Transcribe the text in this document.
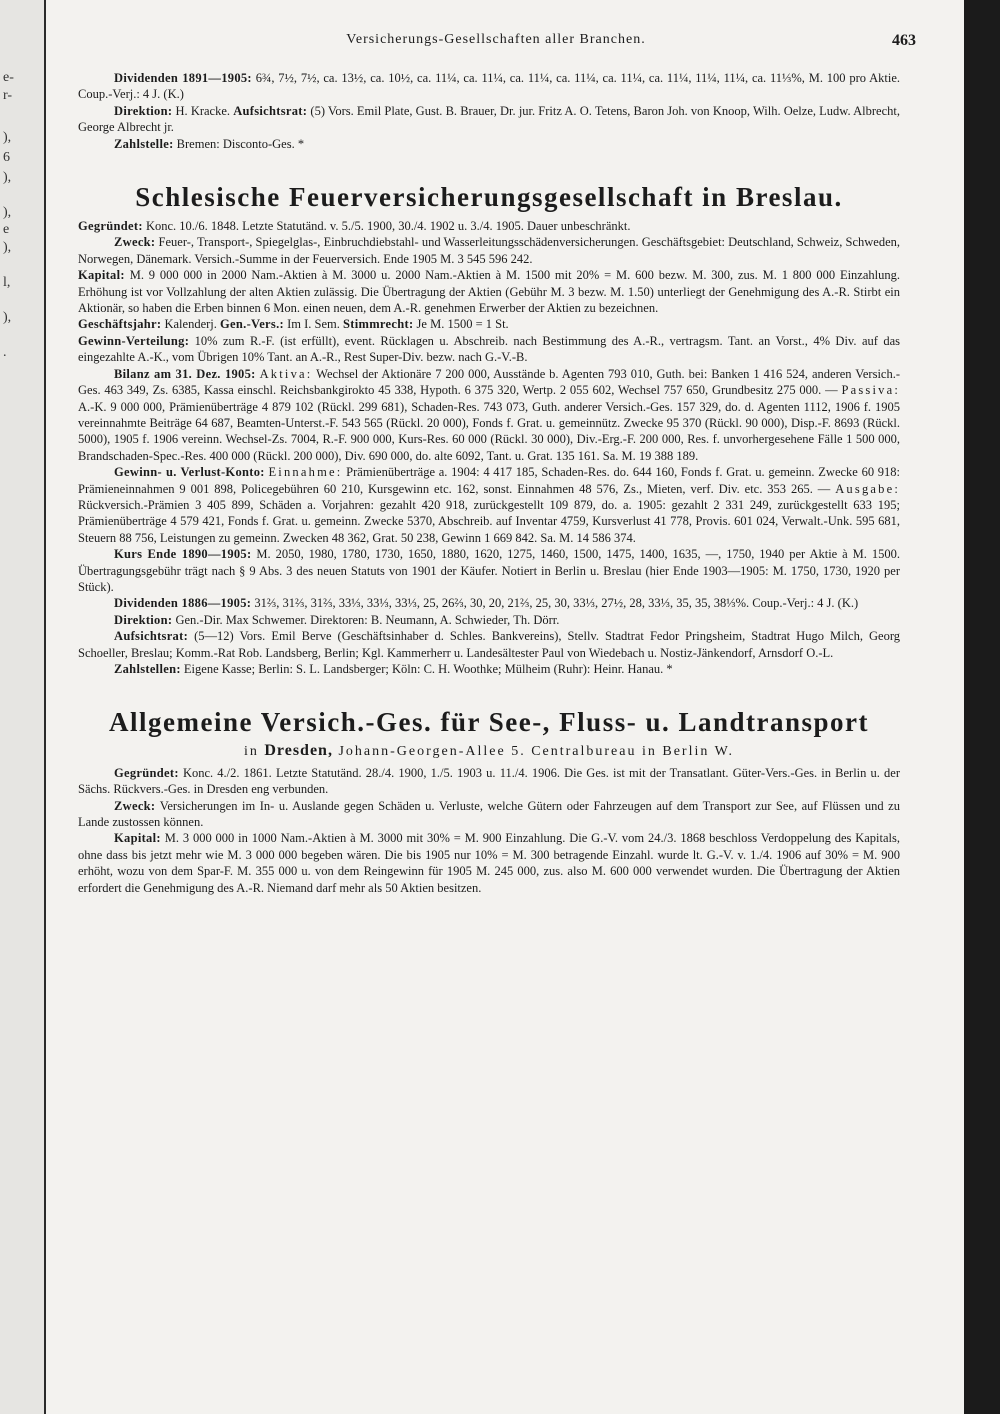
e-
r-
),
6
),
),
e
),
l,
),
.
Versicherungs-Gesellschaften aller Branchen.	463

Dividenden 1891—1905: 6¾, 7½, 7½, ca. 13½, ca. 10½, ca. 11¼, ca. 11¼, ca. 11¼, ca. 11¼, ca. 11¼, ca. 11¼, 11¼, 11¼, ca. 11⅓%, M. 100 pro Aktie. Coup.-Verj.: 4 J. (K.)

Direktion: H. Kracke. Aufsichtsrat: (5) Vors. Emil Plate, Gust. B. Brauer, Dr. jur. Fritz A. O. Tetens, Baron Joh. von Knoop, Wilh. Oelze, Ludw. Albrecht, George Albrecht jr.

Zahlstelle: Bremen: Disconto-Ges. *

Schlesische Feuerversicherungsgesellschaft in Breslau.

Gegründet: Konc. 10./6. 1848. Letzte Statutänd. v. 5./5. 1900, 30./4. 1902 u. 3./4. 1905. Dauer unbeschränkt.

Zweck: Feuer-, Transport-, Spiegelglas-, Einbruchdiebstahl- und Wasserleitungsschädenversicherungen. Geschäftsgebiet: Deutschland, Schweiz, Schweden, Norwegen, Dänemark. Versich.-Summe in der Feuerversich. Ende 1905 M. 3 545 596 242.

Kapital: M. 9 000 000 in 2000 Nam.-Aktien à M. 3000 u. 2000 Nam.-Aktien à M. 1500 mit 20% = M. 600 bezw. M. 300, zus. M. 1 800 000 Einzahlung. Erhöhung ist vor Vollzahlung der alten Aktien zulässig. Die Übertragung der Aktien (Gebühr M. 3 bezw. M. 1.50) unterliegt der Genehmigung des A.-R. Stirbt ein Aktionär, so haben die Erben binnen 6 Mon. einen neuen, dem A.-R. genehmen Erwerber der Aktien zu bezeichnen.

Geschäftsjahr: Kalenderj. Gen.-Vers.: Im I. Sem. Stimmrecht: Je M. 1500 = 1 St.

Gewinn-Verteilung: 10% zum R.-F. (ist erfüllt), event. Rücklagen u. Abschreib. nach Bestimmung des A.-R., vertragsm. Tant. an Vorst., 4% Div. auf das eingezahlte A.-K., vom Übrigen 10% Tant. an A.-R., Rest Super-Div. bezw. nach G.-V.-B.

Bilanz am 31. Dez. 1905: Aktiva: Wechsel der Aktionäre 7 200 000, Ausstände b. Agenten 793 010, Guth. bei: Banken 1 416 524, anderen Versich.-Ges. 463 349, Zs. 6385, Kassa einschl. Reichsbankgirokto 45 338, Hypoth. 6 375 320, Wertp. 2 055 602, Wechsel 757 650, Grundbesitz 275 000. — Passiva: A.-K. 9 000 000, Prämienüberträge 4 879 102 (Rückl. 299 681), Schaden-Res. 743 073, Guth. anderer Versich.-Ges. 157 329, do. d. Agenten 1112, 1906 f. 1905 vereinnahmte Beiträge 64 687, Beamten-Unterst.-F. 543 565 (Rückl. 20 000), Fonds f. Grat. u. gemeinnütz. Zwecke 95 370 (Rückl. 90 000), Disp.-F. 8693 (Rückl. 5000), 1905 f. 1906 vereinn. Wechsel-Zs. 7004, R.-F. 900 000, Kurs-Res. 60 000 (Rückl. 30 000), Div.-Erg.-F. 200 000, Res. f. unvorhergesehene Fälle 1 500 000, Brandschaden-Spec.-Res. 400 000 (Rückl. 200 000), Div. 690 000, do. alte 6092, Tant. u. Grat. 135 161. Sa. M. 19 388 189.

Gewinn- u. Verlust-Konto: Einnahme: Prämienüberträge a. 1904: 4 417 185, Schaden-Res. do. 644 160, Fonds f. Grat. u. gemeinn. Zwecke 60 918: Prämieneinnahmen 9 001 898, Policegebühren 60 210, Kursgewinn etc. 162, sonst. Einnahmen 48 576, Zs., Mieten, verf. Div. etc. 353 265. — Ausgabe: Rückversich.-Prämien 3 405 899, Schäden a. Vorjahren: gezahlt 420 918, zurückgestellt 109 879, do. a. 1905: gezahlt 2 331 249, zurückgestellt 633 195; Prämienüberträge 4 579 421, Fonds f. Grat. u. gemeinn. Zwecke 5370, Abschreib. auf Inventar 4759, Kursverlust 41 778, Provis. 601 024, Verwalt.-Unk. 595 681, Steuern 88 756, Leistungen zu gemeinn. Zwecken 48 362, Grat. 50 238, Gewinn 1 669 842. Sa. M. 14 586 374.

Kurs Ende 1890—1905: M. 2050, 1980, 1780, 1730, 1650, 1880, 1620, 1275, 1460, 1500, 1475, 1400, 1635, —, 1750, 1940 per Aktie à M. 1500. Übertragungsgebühr trägt nach § 9 Abs. 3 des neuen Statuts von 1901 der Käufer. Notiert in Berlin u. Breslau (hier Ende 1903—1905: M. 1750, 1730, 1920 per Stück).

Dividenden 1886—1905: 31⅔, 31⅔, 31⅔, 33⅓, 33⅓, 33⅓, 25, 26⅔, 30, 20, 21⅔, 25, 30, 33⅓, 27½, 28, 33⅓, 35, 35, 38⅓%. Coup.-Verj.: 4 J. (K.)

Direktion: Gen.-Dir. Max Schwemer. Direktoren: B. Neumann, A. Schwieder, Th. Dörr.

Aufsichtsrat: (5—12) Vors. Emil Berve (Geschäftsinhaber d. Schles. Bankvereins), Stellv. Stadtrat Fedor Pringsheim, Stadtrat Hugo Milch, Georg Schoeller, Breslau; Komm.-Rat Rob. Landsberg, Berlin; Kgl. Kammerherr u. Landesältester Paul von Wiedebach u. Nostiz-Jänkendorf, Arnsdorf O.-L.

Zahlstellen: Eigene Kasse; Berlin: S. L. Landsberger; Köln: C. H. Woothke; Mülheim (Ruhr): Heinr. Hanau. *

Allgemeine Versich.-Ges. für See-, Fluss- u. Landtransport

in Dresden, Johann-Georgen-Allee 5. Centralbureau in Berlin W.

Gegründet: Konc. 4./2. 1861. Letzte Statutänd. 28./4. 1900, 1./5. 1903 u. 11./4. 1906. Die Ges. ist mit der Transatlant. Güter-Vers.-Ges. in Berlin u. der Sächs. Rückvers.-Ges. in Dresden eng verbunden.

Zweck: Versicherungen im In- u. Auslande gegen Schäden u. Verluste, welche Gütern oder Fahrzeugen auf dem Transport zur See, auf Flüssen und zu Lande zustossen können.

Kapital: M. 3 000 000 in 1000 Nam.-Aktien à M. 3000 mit 30% = M. 900 Einzahlung. Die G.-V. vom 24./3. 1868 beschloss Verdoppelung des Kapitals, ohne dass bis jetzt mehr wie M. 3 000 000 begeben wären. Die bis 1905 nur 10% = M. 300 betragende Einzahl. wurde lt. G.-V. v. 1./4. 1906 auf 30% = M. 900 erhöht, wozu von dem Spar-F. M. 355 000 u. von dem Reingewinn für 1905 M. 245 000, zus. also M. 600 000 verwendet wurden. Die Übertragung der Aktien erfordert die Genehmigung des A.-R. Niemand darf mehr als 50 Aktien besitzen.
